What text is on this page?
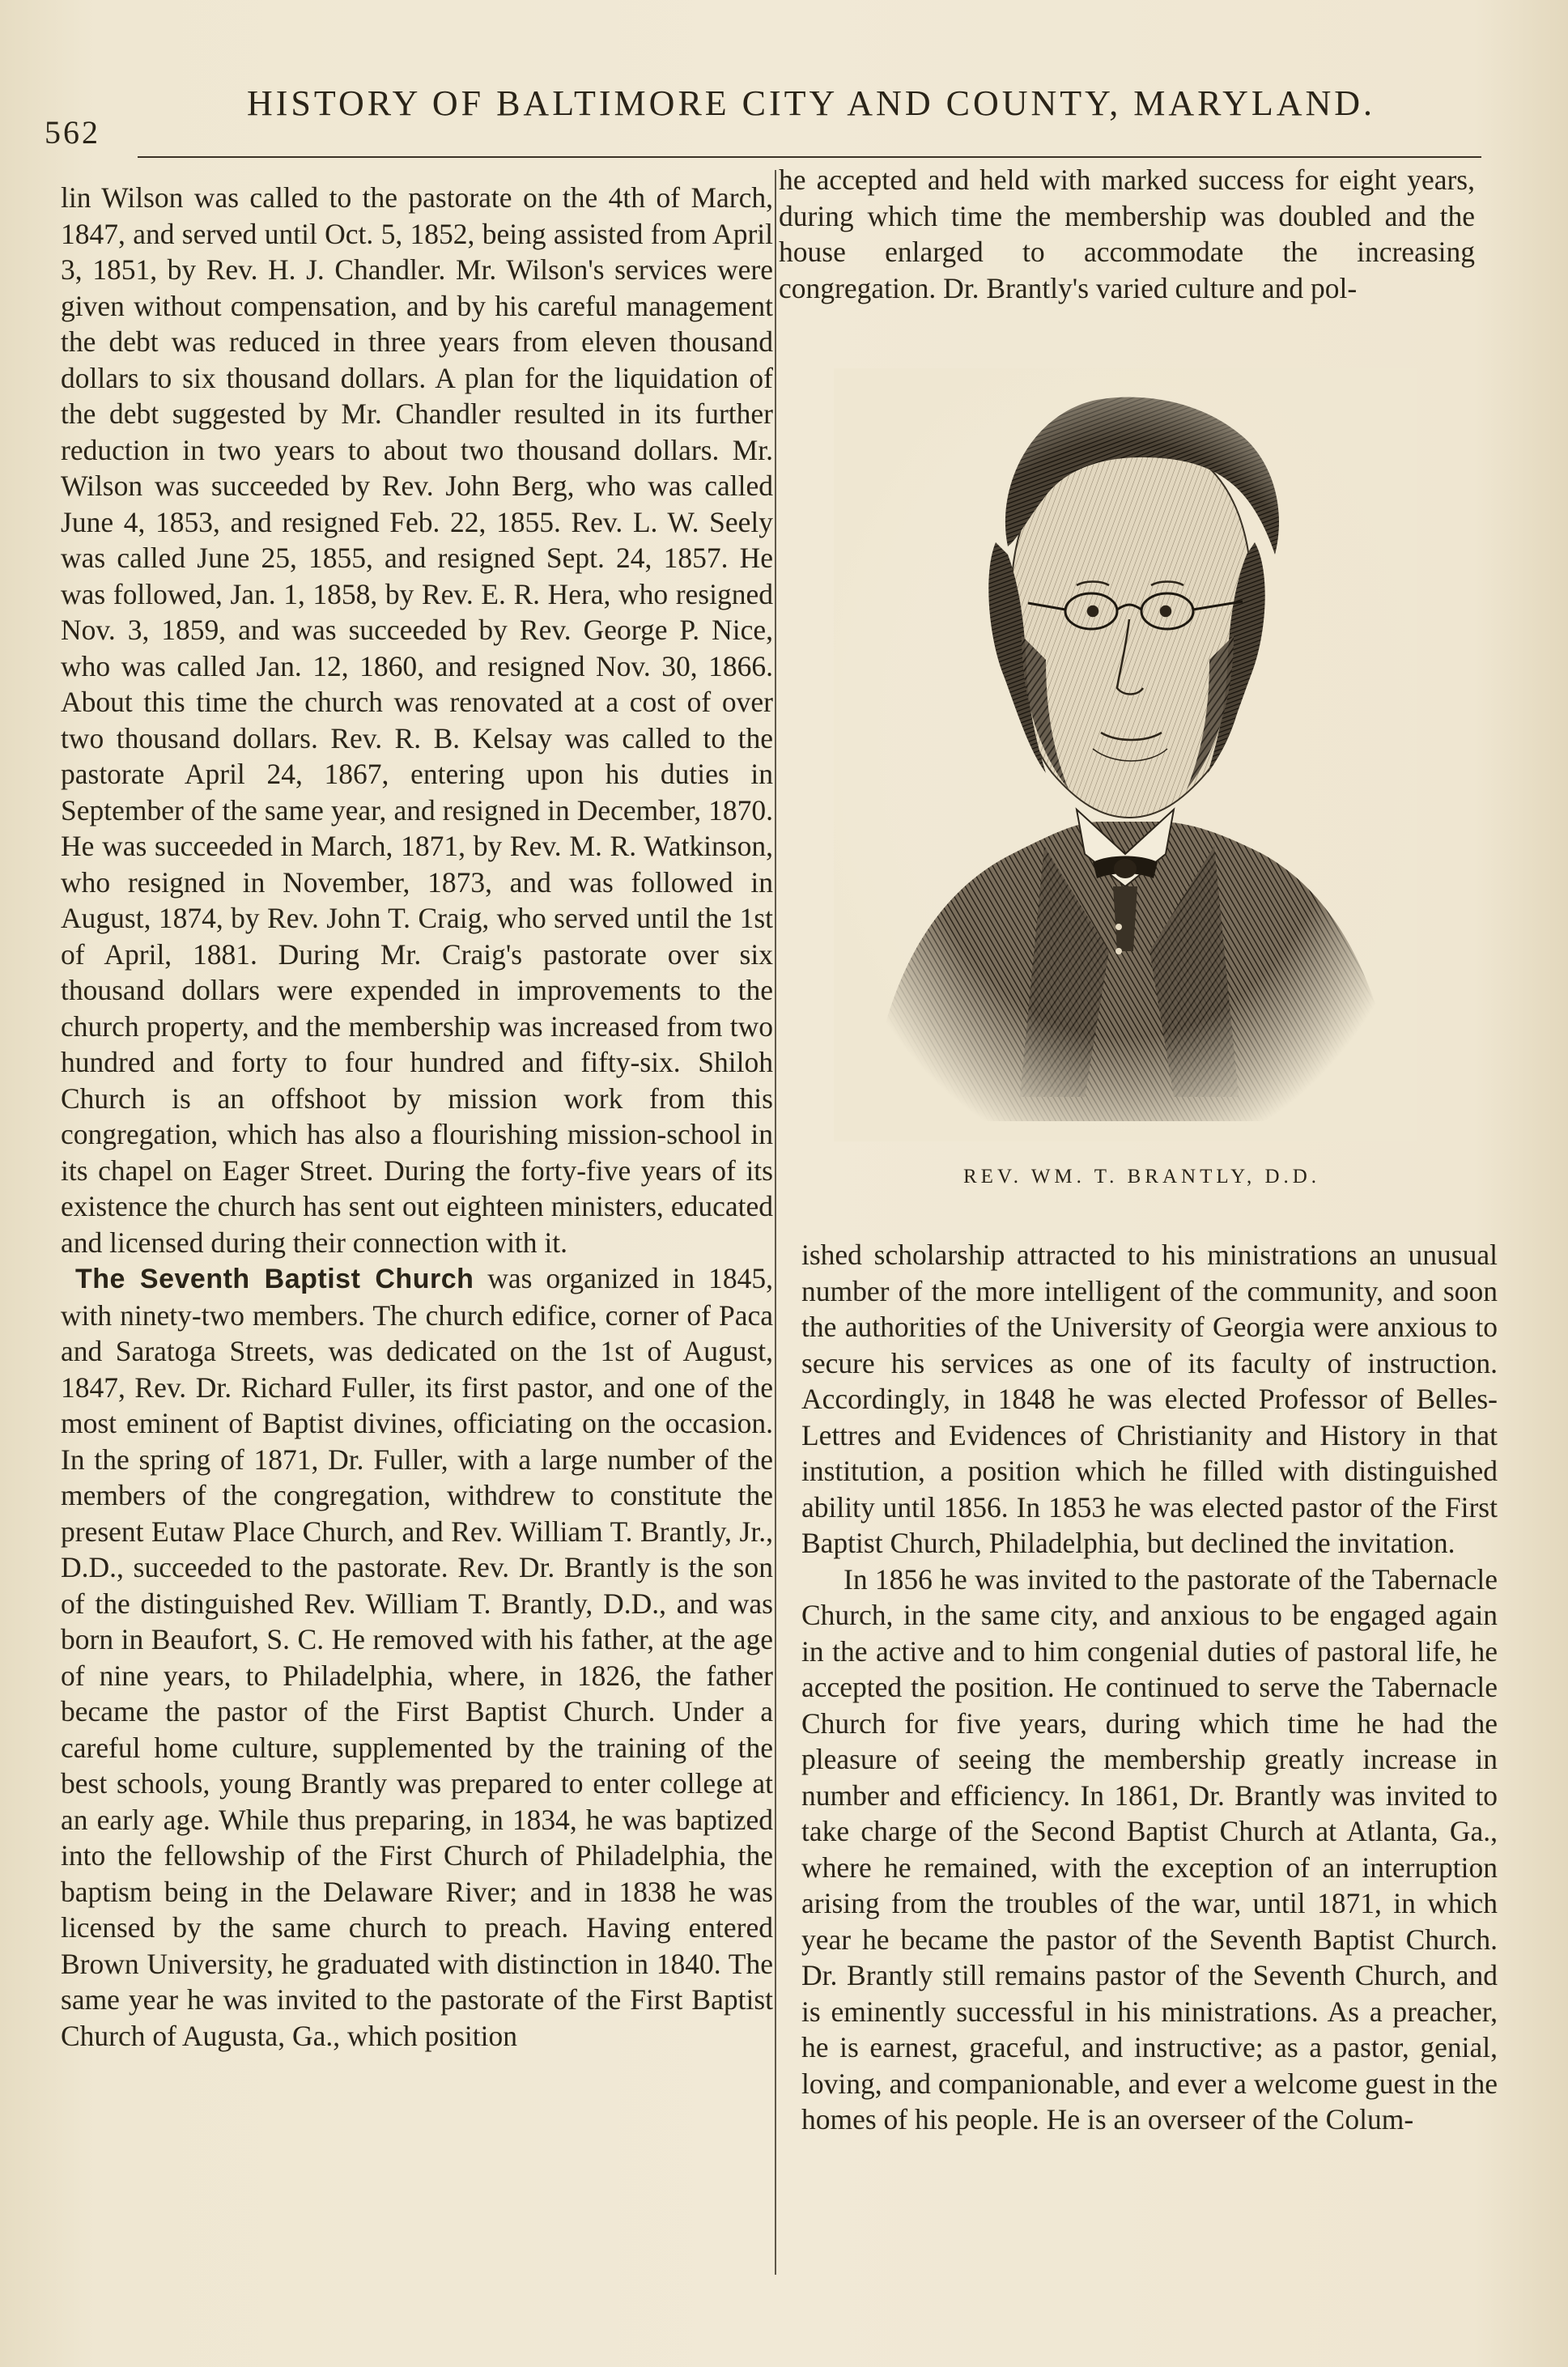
562
HISTORY OF BALTIMORE CITY AND COUNTY, MARYLAND.

lin Wilson was called to the pastorate on the 4th of March, 1847, and served until Oct. 5, 1852, being assisted from April 3, 1851, by Rev. H. J. Chandler. Mr. Wilson's services were given without compensation, and by his careful management the debt was reduced in three years from eleven thousand dollars to six thousand dollars. A plan for the liquidation of the debt suggested by Mr. Chandler resulted in its further reduction in two years to about two thousand dollars. Mr. Wilson was succeeded by Rev. John Berg, who was called June 4, 1853, and resigned Feb. 22, 1855. Rev. L. W. Seely was called June 25, 1855, and resigned Sept. 24, 1857. He was followed, Jan. 1, 1858, by Rev. E. R. Hera, who resigned Nov. 3, 1859, and was succeeded by Rev. George P. Nice, who was called Jan. 12, 1860, and resigned Nov. 30, 1866. About this time the church was renovated at a cost of over two thousand dollars. Rev. R. B. Kelsay was called to the pastorate April 24, 1867, entering upon his duties in September of the same year, and resigned in December, 1870. He was succeeded in March, 1871, by Rev. M. R. Watkinson, who resigned in November, 1873, and was followed in August, 1874, by Rev. John T. Craig, who served until the 1st of April, 1881. During Mr. Craig's pastorate over six thousand dollars were expended in improvements to the church property, and the membership was increased from two hundred and forty to four hundred and fifty-six. Shiloh Church is an offshoot by mission work from this congregation, which has also a flourishing mission-school in its chapel on Eager Street. During the forty-five years of its existence the church has sent out eighteen ministers, educated and licensed during their connection with it.

The Seventh Baptist Church was organized in 1845, with ninety-two members. The church edifice, corner of Paca and Saratoga Streets, was dedicated on the 1st of August, 1847, Rev. Dr. Richard Fuller, its first pastor, and one of the most eminent of Baptist divines, officiating on the occasion. In the spring of 1871, Dr. Fuller, with a large number of the members of the congregation, withdrew to constitute the present Eutaw Place Church, and Rev. William T. Brantly, Jr., D.D., succeeded to the pastorate. Rev. Dr. Brantly is the son of the distinguished Rev. William T. Brantly, D.D., and was born in Beaufort, S. C. He removed with his father, at the age of nine years, to Philadelphia, where, in 1826, the father became the pastor of the First Baptist Church. Under a careful home culture, supplemented by the training of the best schools, young Brantly was prepared to enter college at an early age. While thus preparing, in 1834, he was baptized into the fellowship of the First Church of Philadelphia, the baptism being in the Delaware River; and in 1838 he was licensed by the same church to preach. Having entered Brown University, he graduated with distinction in 1840. The same year he was invited to the pastorate of the First Baptist Church of Augusta, Ga., which position

he accepted and held with marked success for eight years, during which time the membership was doubled and the house enlarged to accommodate the increasing congregation. Dr. Brantly's varied culture and pol-

REV. WM. T. BRANTLY, D.D.

ished scholarship attracted to his ministrations an unusual number of the more intelligent of the community, and soon the authorities of the University of Georgia were anxious to secure his services as one of its faculty of instruction. Accordingly, in 1848 he was elected Professor of Belles-Lettres and Evidences of Christianity and History in that institution, a position which he filled with distinguished ability until 1856. In 1853 he was elected pastor of the First Baptist Church, Philadelphia, but declined the invitation.

In 1856 he was invited to the pastorate of the Tabernacle Church, in the same city, and anxious to be engaged again in the active and to him congenial duties of pastoral life, he accepted the position. He continued to serve the Tabernacle Church for five years, during which time he had the pleasure of seeing the membership greatly increase in number and efficiency. In 1861, Dr. Brantly was invited to take charge of the Second Baptist Church at Atlanta, Ga., where he remained, with the exception of an interruption arising from the troubles of the war, until 1871, in which year he became the pastor of the Seventh Baptist Church. Dr. Brantly still remains pastor of the Seventh Church, and is eminently successful in his ministrations. As a preacher, he is earnest, graceful, and instructive; as a pastor, genial, loving, and companionable, and ever a welcome guest in the homes of his people. He is an overseer of the Colum-
